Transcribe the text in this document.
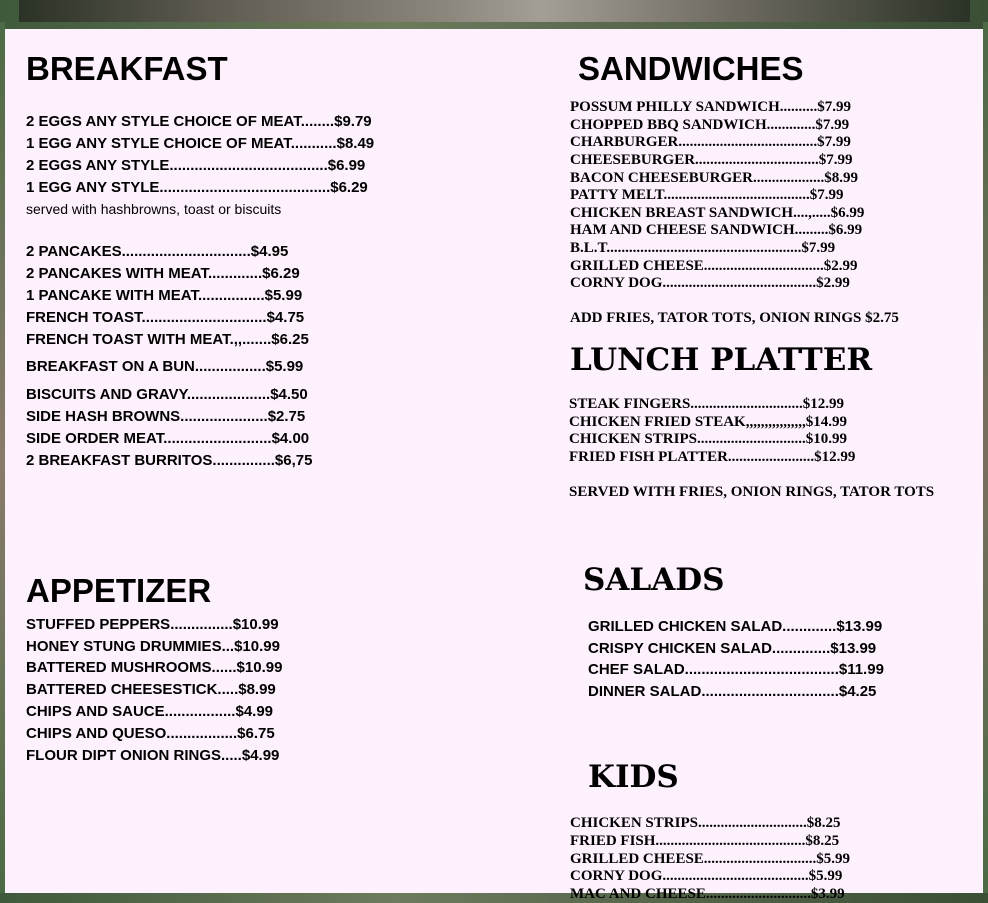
BREAKFAST
2 EGGS ANY STYLE CHOICE OF MEAT........$9.79
1 EGG ANY STYLE CHOICE OF MEAT...........$8.49
2 EGGS ANY STYLE......................................$6.99
1 EGG ANY STYLE.........................................$6.29
served with hashbrowns, toast or biscuits
2 PANCAKES...............................$4.95
2 PANCAKES WITH MEAT.............$6.29
1 PANCAKE WITH MEAT................$5.99
FRENCH TOAST..............................$4.75
FRENCH TOAST WITH MEAT.,,.......$6.25
BREAKFAST ON A BUN.................$5.99
BISCUITS AND GRAVY....................$4.50
SIDE HASH BROWNS.....................$2.75
SIDE ORDER MEAT..........................$4.00
2 BREAKFAST BURRITOS...............$6,75
APPETIZER
STUFFED PEPPERS...............$10.99
HONEY STUNG DRUMMIES...$10.99
BATTERED MUSHROOMS......$10.99
BATTERED CHEESESTICK.....$8.99
CHIPS AND SAUCE.................$4.99
CHIPS AND QUESO.................$6.75
FLOUR DIPT ONION RINGS.....$4.99
SANDWICHES
POSSUM PHILLY SANDWICH..........$7.99
CHOPPED BBQ SANDWICH.............$7.99
CHARBURGER.....................................$7.99
CHEESEBURGER.................................$7.99
BACON CHEESEBURGER...................$8.99
PATTY MELT.......................................$7.99
CHICKEN BREAST SANDWICH....,.....$6.99
HAM AND CHEESE SANDWICH.........$6.99
B.L.T....................................................$7.99
GRILLED CHEESE................................$2.99
CORNY DOG.........................................$2.99
ADD FRIES, TATOR TOTS, ONION RINGS $2.75
LUNCH PLATTER
STEAK FINGERS..............................$12.99
CHICKEN FRIED STEAK,,,,,,,,,,,,,,,,$14.99
CHICKEN STRIPS.............................$10.99
FRIED FISH PLATTER.......................$12.99
SERVED WITH FRIES, ONION RINGS, TATOR TOTS
SALADS
GRILLED CHICKEN SALAD.............$13.99
CRISPY CHICKEN SALAD..............$13.99
CHEF SALAD.....................................$11.99
DINNER SALAD.................................$4.25
KIDS
CHICKEN STRIPS.............................$8.25
FRIED FISH........................................$8.25
GRILLED CHEESE..............................$5.99
CORNY DOG.......................................$5.99
MAC AND CHEESE............................$3.99
